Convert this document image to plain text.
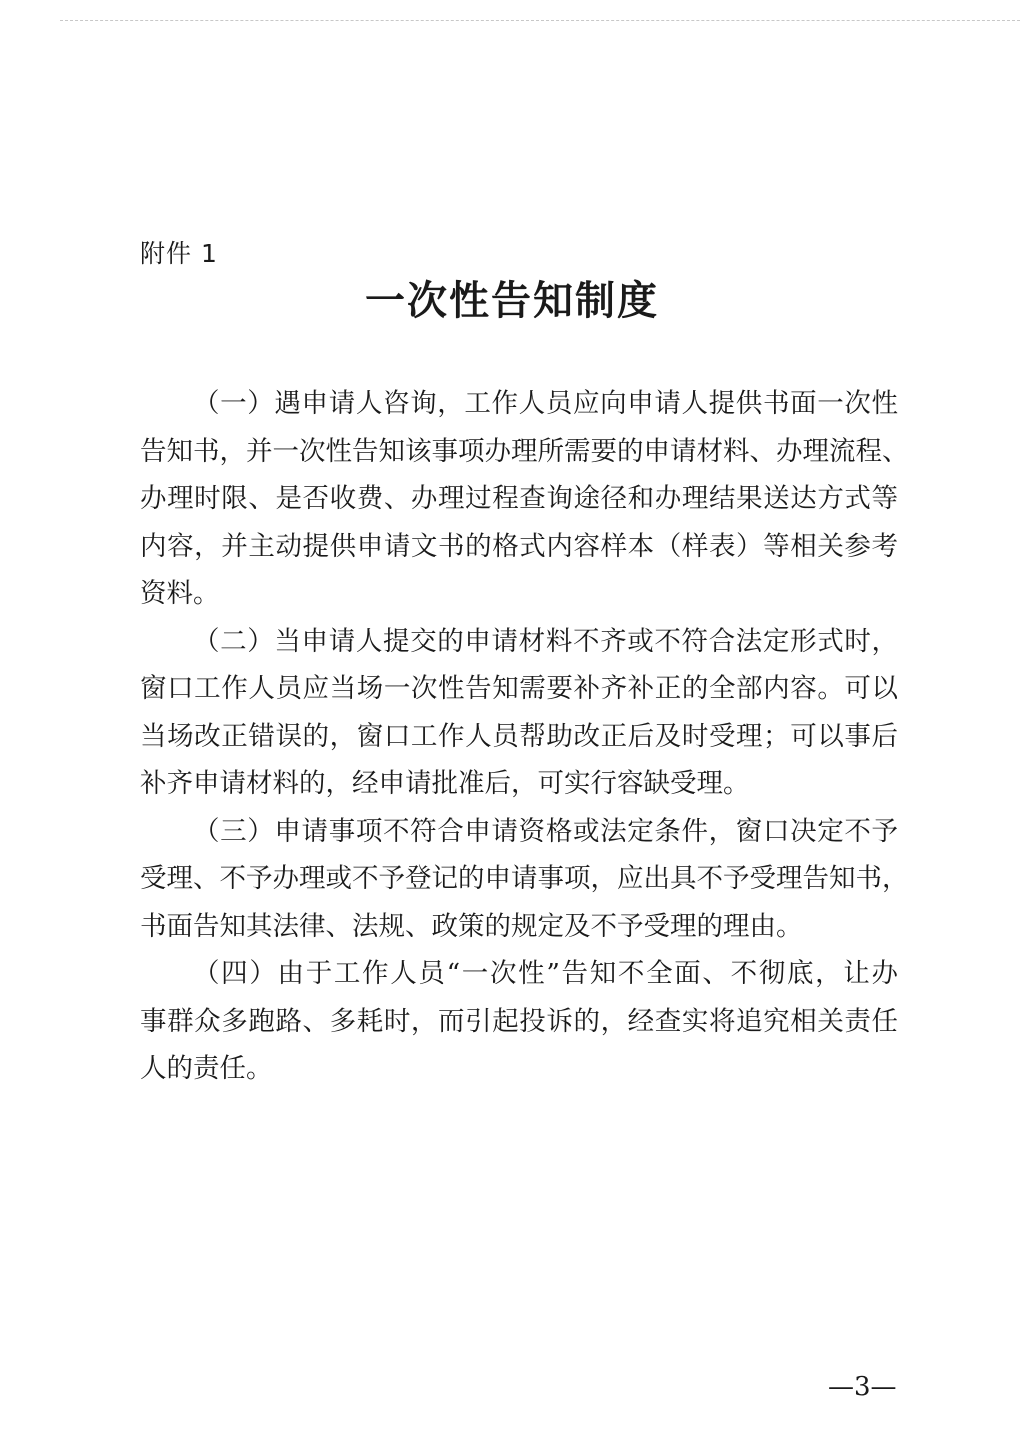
附件 1
一次性告知制度

（一）遇申请人咨询，工作人员应向申请人提供书面一次性
告知书，并一次性告知该事项办理所需要的申请材料、办理流程、
办理时限、是否收费、办理过程查询途径和办理结果送达方式等
内容，并主动提供申请文书的格式内容样本（样表）等相关参考
资料。

（二）当申请人提交的申请材料不齐或不符合法定形式时，
窗口工作人员应当场一次性告知需要补齐补正的全部内容。可以
当场改正错误的，窗口工作人员帮助改正后及时受理；可以事后
补齐申请材料的，经申请批准后，可实行容缺受理。

（三）申请事项不符合申请资格或法定条件，窗口决定不予
受理、不予办理或不予登记的申请事项，应出具不予受理告知书，
书面告知其法律、法规、政策的规定及不予受理的理由。

（四）由于工作人员“一次性”告知不全面、不彻底，让办
事群众多跑路、多耗时，而引起投诉的，经查实将追究相关责任
人的责任。

—3—
